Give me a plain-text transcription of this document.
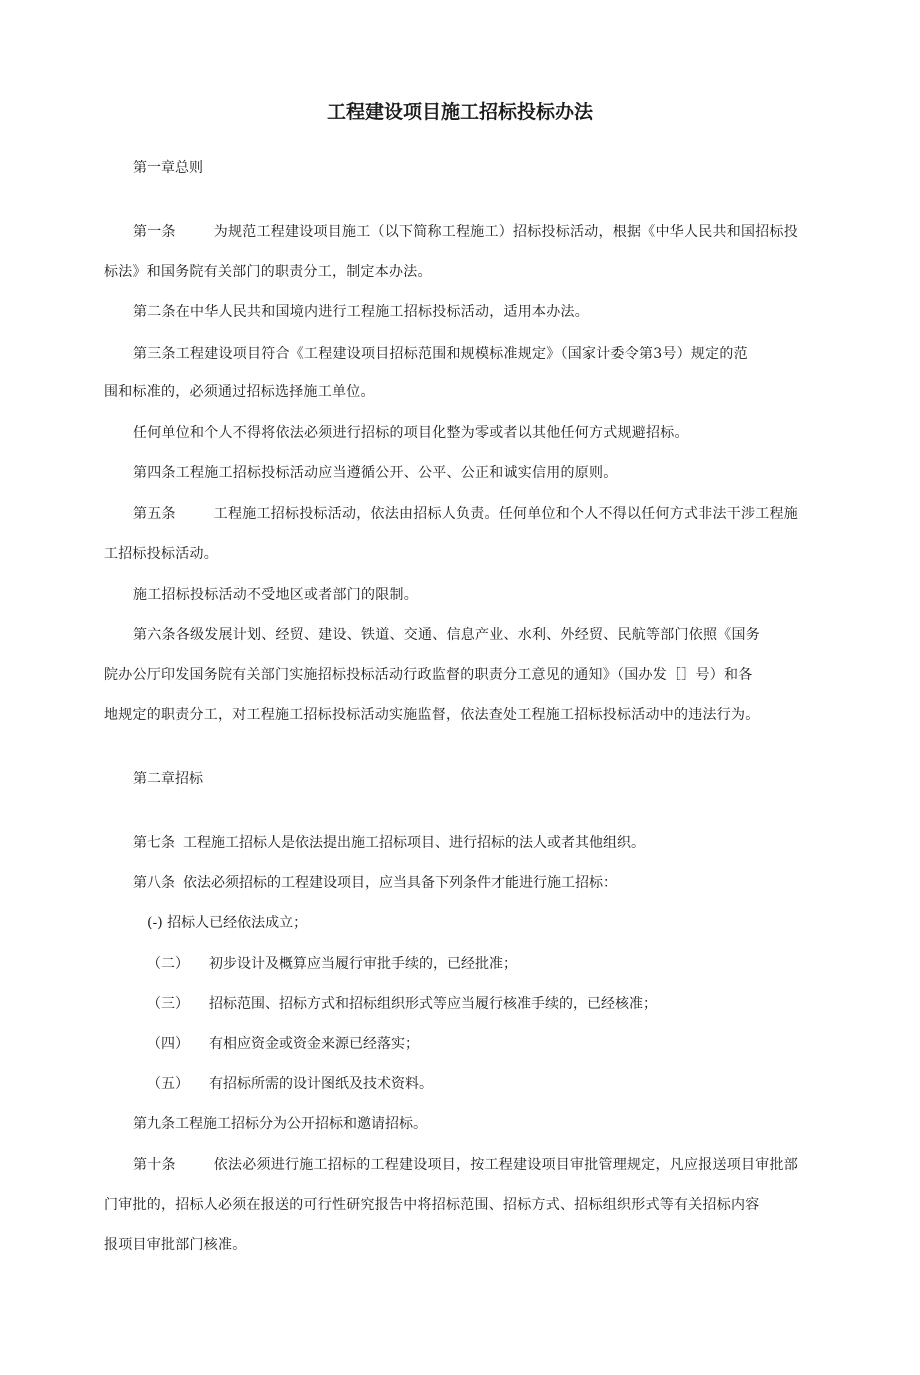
工程建设项目施工招标投标办法
第一章总则
第一条	为规范工程建设项目施工（以下简称工程施工）招标投标活动，根据《中华人民共和国招标投
标法》和国务院有关部门的职责分工，制定本办法。
第二条在中华人民共和国境内进行工程施工招标投标活动，适用本办法。
第三条工程建设项目符合《工程建设项目招标范围和规模标准规定》（国家计委令第3号）规定的范
围和标准的，必须通过招标选择施工单位。
任何单位和个人不得将依法必须进行招标的项目化整为零或者以其他任何方式规避招标。
第四条工程施工招标投标活动应当遵循公开、公平、公正和诚实信用的原则。
第五条	工程施工招标投标活动，依法由招标人负责。任何单位和个人不得以任何方式非法干涉工程施
工招标投标活动。
施工招标投标活动不受地区或者部门的限制。
第六条各级发展计划、经贸、建设、铁道、交通、信息产业、水利、外经贸、民航等部门依照《国务
院办公厅印发国务院有关部门实施招标投标活动行政监督的职责分工意见的通知》（国办发［］号）和各
地规定的职责分工，对工程施工招标投标活动实施监督，依法查处工程施工招标投标活动中的违法行为。
第二章招标
第七条 工程施工招标人是依法提出施工招标项目、进行招标的法人或者其他组织。
第八条 依法必须招标的工程建设项目，应当具备下列条件才能进行施工招标：
(-) 招标人已经依法成立；
（二） 初步设计及概算应当履行审批手续的，已经批准；
（三） 招标范围、招标方式和招标组织形式等应当履行核准手续的，已经核准；
（四） 有相应资金或资金来源已经落实；
（五） 有招标所需的设计图纸及技术资料。
第九条工程施工招标分为公开招标和邀请招标。
第十条	依法必须进行施工招标的工程建设项目，按工程建设项目审批管理规定，凡应报送项目审批部
门审批的，招标人必须在报送的可行性研究报告中将招标范围、招标方式、招标组织形式等有关招标内容
报项目审批部门核准。
